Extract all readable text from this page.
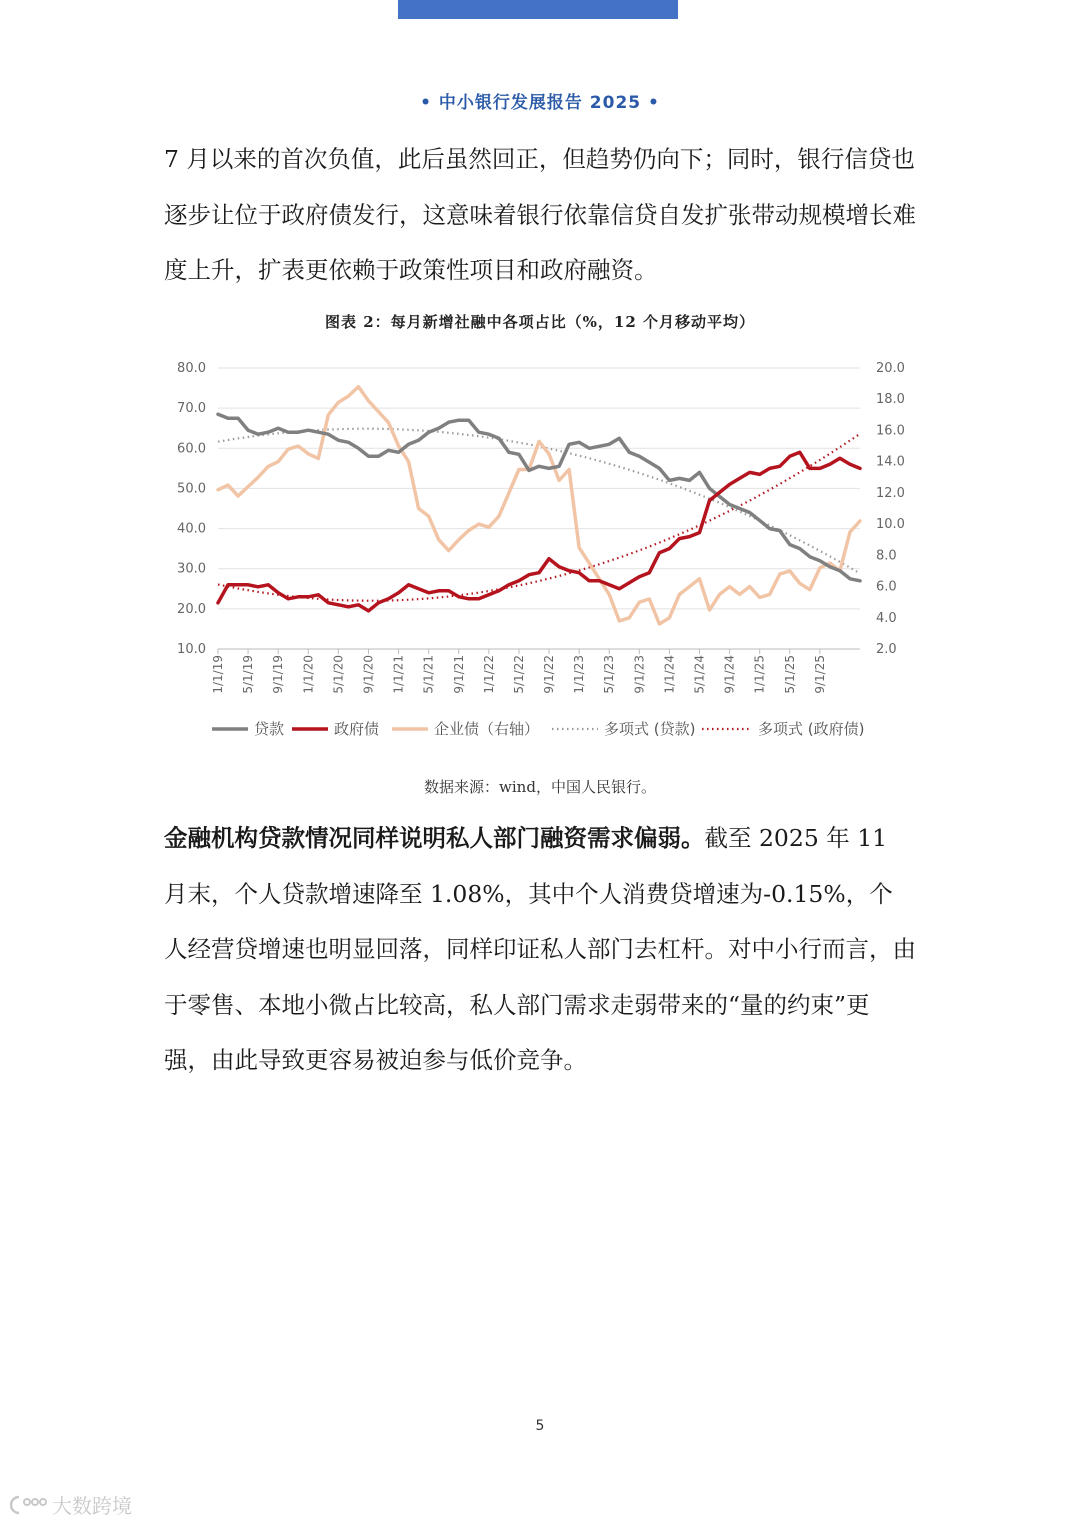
• 中小银行发展报告 2025 •
7 月以来的首次负值，此后虽然回正，但趋势仍向下；同时，银行信贷也逐步让位于政府债发行，这意味着银行依靠信贷自发扩张带动规模增长难度上升，扩表更依赖于政策性项目和政府融资。
图表 2：每月新增社融中各项占比（%，12 个月移动平均）
10.0
20.0
30.0
40.0
50.0
60.0
70.0
80.0
2.0
4.0
6.0
8.0
10.0
12.0
14.0
16.0
18.0
20.0
1/1/19 5/1/19 9/1/19 1/1/20 5/1/20 9/1/20 1/1/21 5/1/21 9/1/21 1/1/22 5/1/22 9/1/22 1/1/23 5/1/23 9/1/23 1/1/24 5/1/24 9/1/24 1/1/25 5/1/25 9/1/25
贷款	政府债	企业债（右轴）	多项式 (贷款)	多项式 (政府债)
数据来源：wind，中国人民银行。
金融机构贷款情况同样说明私人部门融资需求偏弱。截至 2025 年 11 月末，个人贷款增速降至 1.08%，其中个人消费贷增速为-0.15%，个人经营贷增速也明显回落，同样印证私人部门去杠杆。对中小行而言，由于零售、本地小微占比较高，私人部门需求走弱带来的“量的约束”更强，由此导致更容易被迫参与低价竞争。
5
大数跨境
